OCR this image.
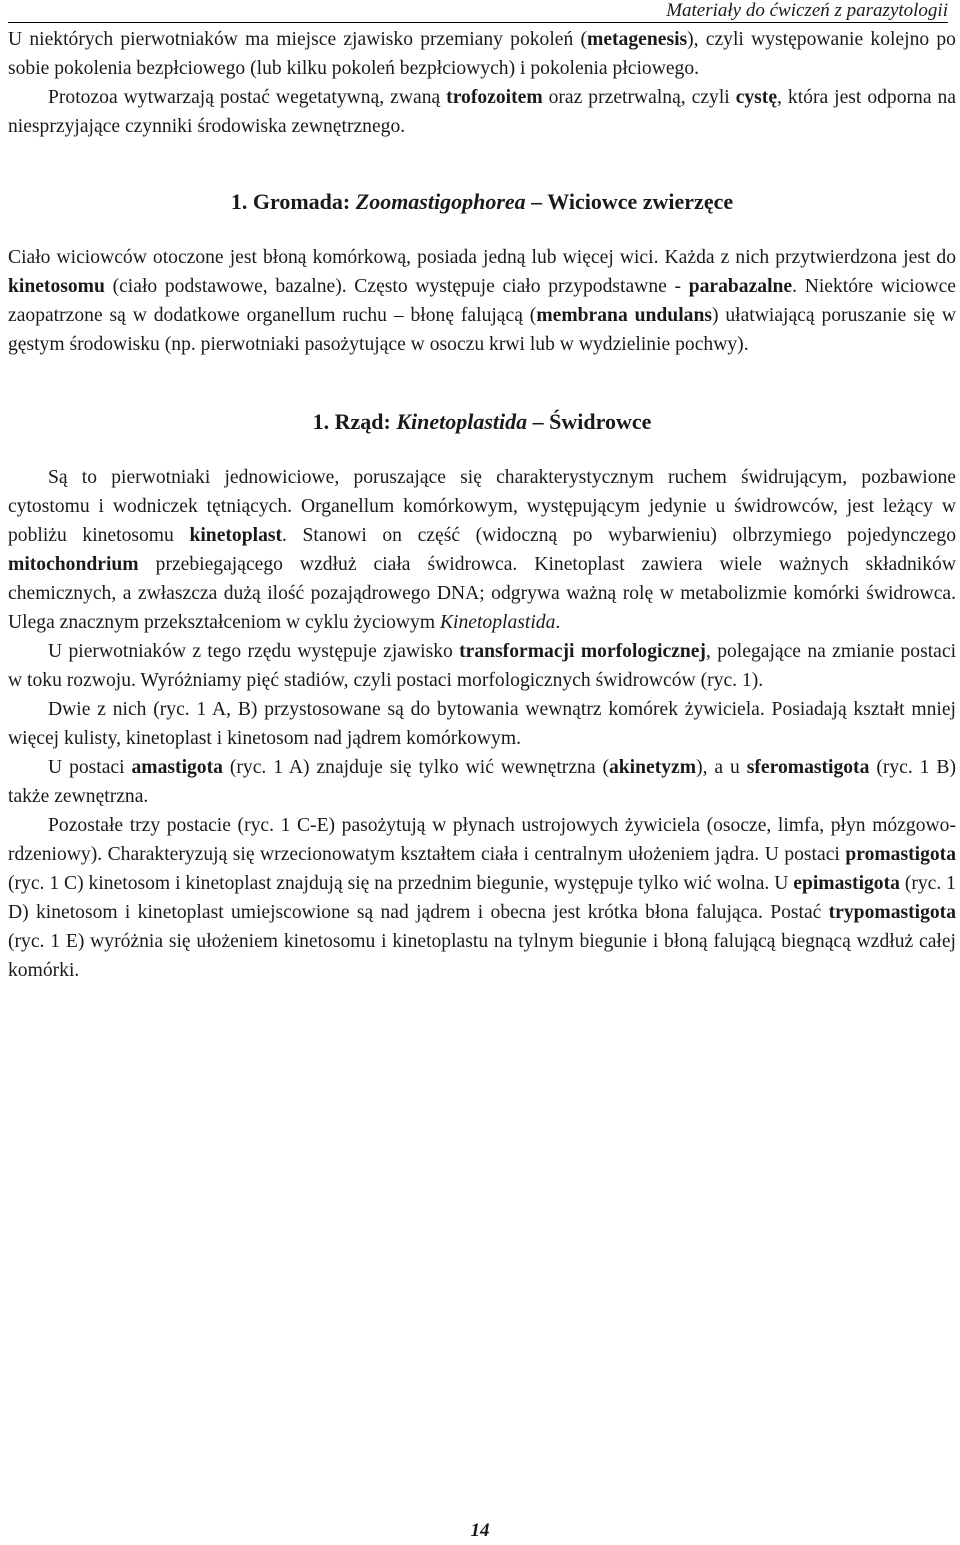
Materiały do ćwiczeń z parazytologii

U niektórych pierwotniaków ma miejsce zjawisko przemiany pokoleń (metagenesis), czyli występowanie kolejno po sobie pokolenia bezpłciowego (lub kilku pokoleń bezpłciowych) i pokolenia płciowego.

Protozoa wytwarzają postać wegetatywną, zwaną trofozoitem oraz przetrwalną, czyli cystę, która jest odporna na niesprzyjające czynniki środowiska zewnętrznego.

1. Gromada: Zoomastigophorea – Wiciowce zwierzęce

Ciało wiciowców otoczone jest błoną komórkową, posiada jedną lub więcej wici. Każda z nich przytwierdzona jest do kinetosomu (ciało podstawowe, bazalne). Często występuje ciało przypodstawne - parabazalne. Niektóre wiciowce zaopatrzone są w dodatkowe organellum ruchu – błonę falującą (membrana undulans) ułatwiającą poruszanie się w gęstym środowisku (np. pierwotniaki pasożytujące w osoczu krwi lub w wydzielinie pochwy).

1. Rząd: Kinetoplastida – Świdrowce

Są to pierwotniaki jednowiciowe, poruszające się charakterystycznym ruchem świdrującym, pozbawione cytostomu i wodniczek tętniących. Organellum komórkowym, występującym jedynie u świdrowców, jest leżący w pobliżu kinetosomu kinetoplast. Stanowi on część (widoczną po wybarwieniu) olbrzymiego pojedynczego mitochondrium przebiegającego wzdłuż ciała świdrowca. Kinetoplast zawiera wiele ważnych składników chemicznych, a zwłaszcza dużą ilość pozajądrowego DNA; odgrywa ważną rolę w metabolizmie komórki świdrowca. Ulega znacznym przekształceniom w cyklu życiowym Kinetoplastida.

U pierwotniaków z tego rzędu występuje zjawisko transformacji morfologicznej, polegające na zmianie postaci w toku rozwoju. Wyróżniamy pięć stadiów, czyli postaci morfologicznych świdrowców (ryc. 1).

Dwie z nich (ryc. 1 A, B) przystosowane są do bytowania wewnątrz komórek żywiciela. Posiadają kształt mniej więcej kulisty, kinetoplast i kinetosom nad jądrem komórkowym.

U postaci amastigota (ryc. 1 A) znajduje się tylko wić wewnętrzna (akinetyzm), a u sferomastigota (ryc. 1 B) także zewnętrzna.

Pozostałe trzy postacie (ryc. 1 C-E) pasożytują w płynach ustrojowych żywiciela (osocze, limfa, płyn mózgowo-rdzeniowy). Charakteryzują się wrzecionowatym kształtem ciała i centralnym ułożeniem jądra. U postaci promastigota (ryc. 1 C) kinetosom i kinetoplast znajdują się na przednim biegunie, występuje tylko wić wolna. U epimastigota (ryc. 1 D) kinetosom i kinetoplast umiejscowione są nad jądrem i obecna jest krótka błona falująca. Postać trypomastigota (ryc. 1 E) wyróżnia się ułożeniem kinetosomu i kinetoplastu na tylnym biegunie i błoną falującą biegnącą wzdłuż całej komórki.

14
